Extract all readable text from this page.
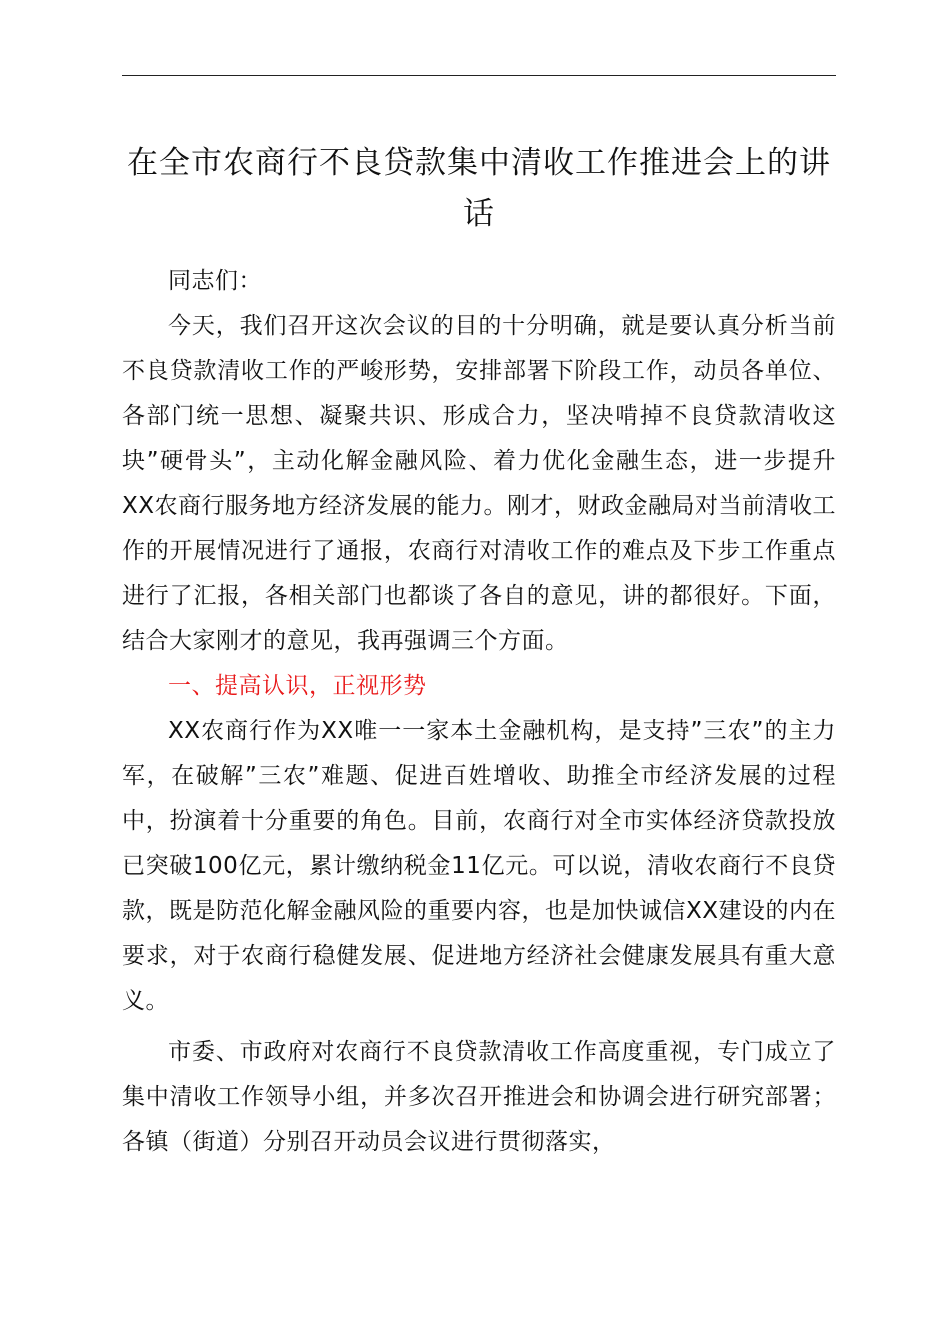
在全市农商行不良贷款集中清收工作推进会上的讲话

同志们：

今天，我们召开这次会议的目的十分明确，就是要认真分析当前不良贷款清收工作的严峻形势，安排部署下阶段工作，动员各单位、各部门统一思想、凝聚共识、形成合力，坚决啃掉不良贷款清收这块”硬骨头”，主动化解金融风险、着力优化金融生态，进一步提升XX农商行服务地方经济发展的能力。刚才，财政金融局对当前清收工作的开展情况进行了通报，农商行对清收工作的难点及下步工作重点进行了汇报，各相关部门也都谈了各自的意见，讲的都很好。下面，结合大家刚才的意见，我再强调三个方面。

一、提高认识，正视形势

XX农商行作为XX唯一一家本土金融机构，是支持”三农”的主力军，在破解”三农”难题、促进百姓增收、助推全市经济发展的过程中，扮演着十分重要的角色。目前，农商行对全市实体经济贷款投放已突破100亿元，累计缴纳税金11亿元。可以说，清收农商行不良贷款，既是防范化解金融风险的重要内容，也是加快诚信XX建设的内在要求，对于农商行稳健发展、促进地方经济社会健康发展具有重大意义。

市委、市政府对农商行不良贷款清收工作高度重视，专门成立了集中清收工作领导小组，并多次召开推进会和协调会进行研究部署；各镇（街道）分别召开动员会议进行贯彻落实，
